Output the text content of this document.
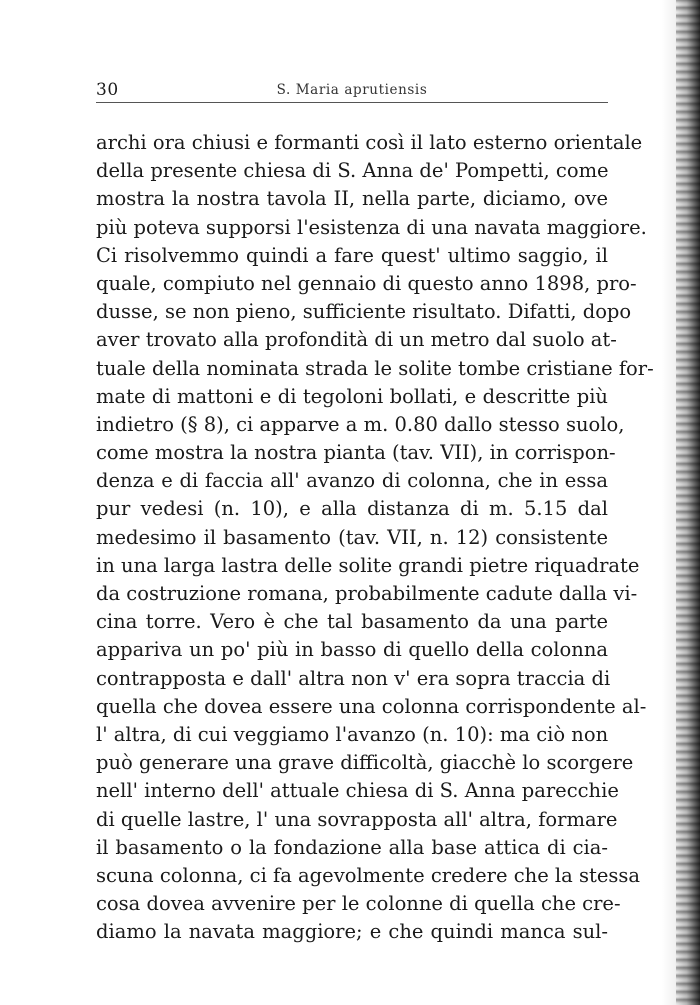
30	S. Maria aprutiensis
archi ora chiusi e formanti così il lato esterno orientale
della presente chiesa di S. Anna de' Pompetti, come
mostra la nostra tavola II, nella parte, diciamo, ove
più poteva supporsi l'esistenza di una navata maggiore.
Ci risolvemmo quindi a fare quest' ultimo saggio, il
quale, compiuto nel gennaio di questo anno 1898, pro-
dusse, se non pieno, sufficiente risultato. Difatti, dopo
aver trovato alla profondità di un metro dal suolo at-
tuale della nominata strada le solite tombe cristiane for-
mate di mattoni e di tegoloni bollati, e descritte più
indietro (§ 8), ci apparve a m. 0.80 dallo stesso suolo,
come mostra la nostra pianta (tav. VII), in corrispon-
denza e di faccia all' avanzo di colonna, che in essa
pur vedesi (n. 10), e alla distanza di m. 5.15 dal
medesimo il basamento (tav. VII, n. 12) consistente
in una larga lastra delle solite grandi pietre riquadrate
da costruzione romana, probabilmente cadute dalla vi-
cina torre. Vero è che tal basamento da una parte
appariva un po' più in basso di quello della colonna
contrapposta e dall' altra non v' era sopra traccia di
quella che dovea essere una colonna corrispondente al-
l' altra, di cui veggiamo l'avanzo (n. 10): ma ciò non
può generare una grave difficoltà, giacchè lo scorgere
nell' interno dell' attuale chiesa di S. Anna parecchie
di quelle lastre, l' una sovrapposta all' altra, formare
il basamento o la fondazione alla base attica di cia-
scuna colonna, ci fa agevolmente credere che la stessa
cosa dovea avvenire per le colonne di quella che cre-
diamo la navata maggiore; e che quindi manca sul-
